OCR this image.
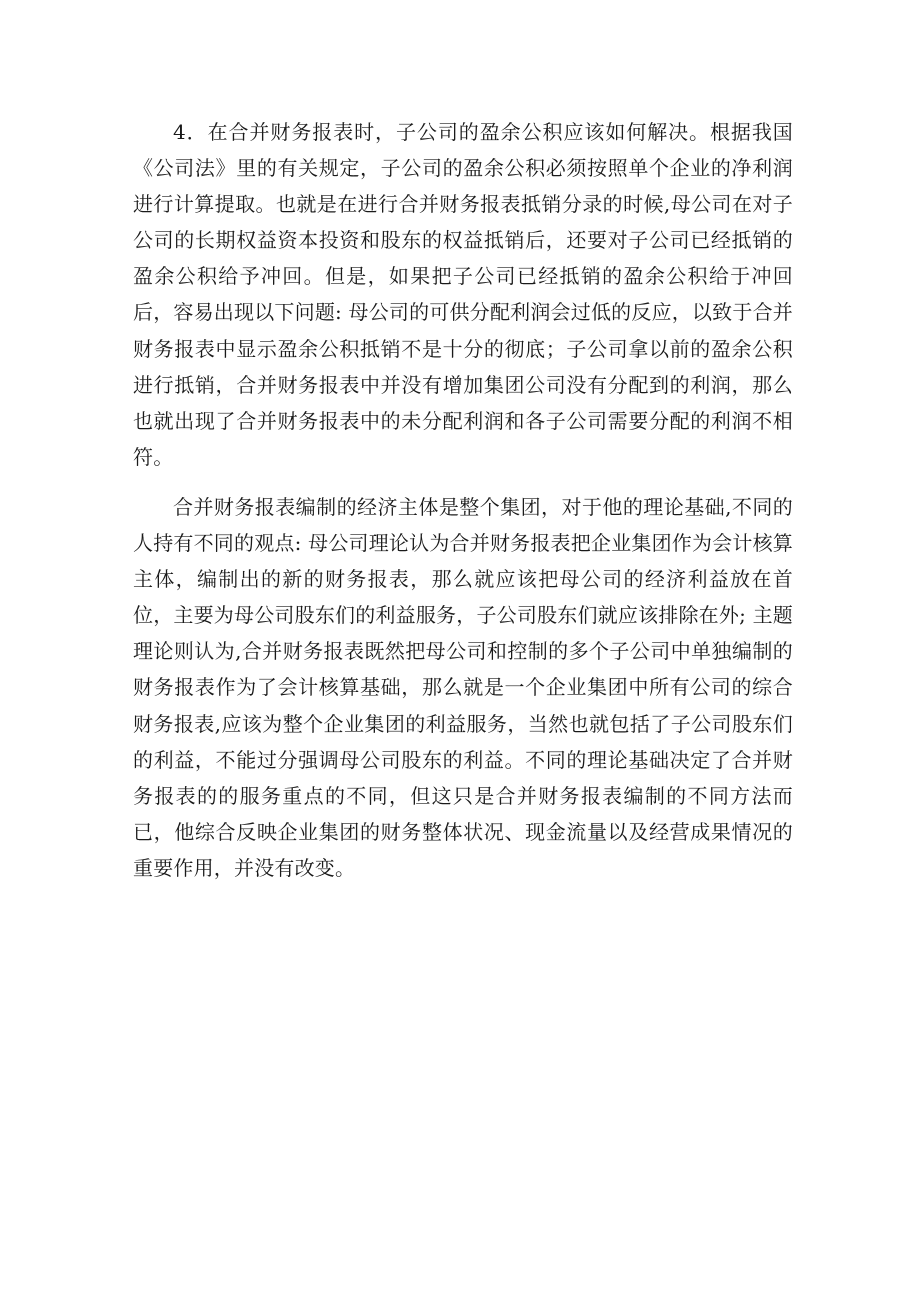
4．在合并财务报表时，子公司的盈余公积应该如何解决。根据我国《公司法》里的有关规定，子公司的盈余公积必须按照单个企业的净利润进行计算提取。也就是在进行合并财务报表抵销分录的时候,母公司在对子公司的长期权益资本投资和股东的权益抵销后，还要对子公司已经抵销的盈余公积给予冲回。但是，如果把子公司已经抵销的盈余公积给于冲回后，容易出现以下问题: 母公司的可供分配利润会过低的反应，以致于合并财务报表中显示盈余公积抵销不是十分的彻底；子公司拿以前的盈余公积进行抵销，合并财务报表中并没有增加集团公司没有分配到的利润，那么也就出现了合并财务报表中的未分配利润和各子公司需要分配的利润不相符。

合并财务报表编制的经济主体是整个集团，对于他的理论基础,不同的人持有不同的观点: 母公司理论认为合并财务报表把企业集团作为会计核算主体，编制出的新的财务报表，那么就应该把母公司的经济利益放在首位，主要为母公司股东们的利益服务，子公司股东们就应该排除在外; 主题理论则认为,合并财务报表既然把母公司和控制的多个子公司中单独编制的财务报表作为了会计核算基础，那么就是一个企业集团中所有公司的综合财务报表,应该为整个企业集团的利益服务，当然也就包括了子公司股东们的利益，不能过分强调母公司股东的利益。不同的理论基础决定了合并财务报表的的服务重点的不同，但这只是合并财务报表编制的不同方法而已，他综合反映企业集团的财务整体状况、现金流量以及经营成果情况的重要作用，并没有改变。
